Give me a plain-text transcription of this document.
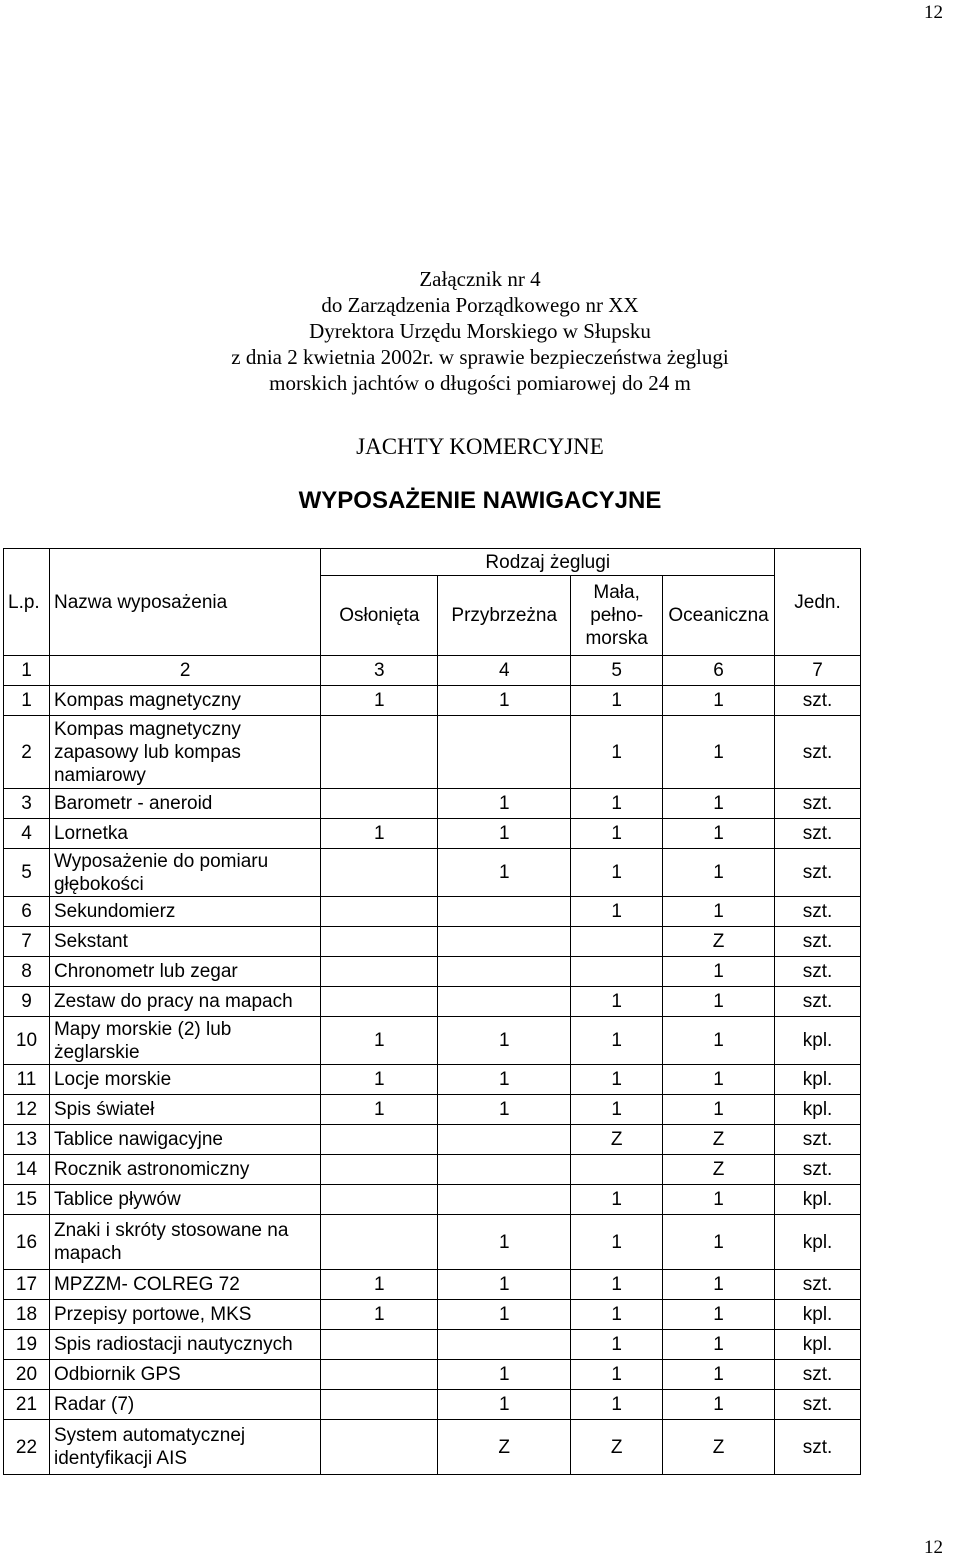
12
Załącznik nr 4
do Zarządzenia Porządkowego nr XX
Dyrektora Urzędu Morskiego w Słupsku
z dnia 2 kwietnia 2002r. w sprawie bezpieczeństwa żeglugi
morskich jachtów o długości pomiarowej do 24 m
JACHTY KOMERCYJNE
WYPOSAŻENIE NAWIGACYJNE
L.p.	Nazwa wyposażenia	Rodzaj żeglugi				Jedn.
		Osłonięta	Przybrzeżna	Mała,
pełno-
morska	Oceaniczna	
1	2	3	4	5	6	7
1	Kompas magnetyczny	1	1	1	1	szt.
2	Kompas magnetyczny zapasowy lub kompas namiarowy			1	1	szt.
3	Barometr - aneroid		1	1	1	szt.
4	Lornetka	1	1	1	1	szt.
5	Wyposażenie do pomiaru głębokości		1	1	1	szt.
6	Sekundomierz			1	1	szt.
7	Sekstant				Z	szt.
8	Chronometr lub zegar				1	szt.
9	Zestaw do pracy na mapach			1	1	szt.
10	Mapy morskie (2) lub żeglarskie	1	1	1	1	kpl.
11	Locje morskie	1	1	1	1	kpl.
12	Spis świateł	1	1	1	1	kpl.
13	Tablice nawigacyjne			Z	Z	szt.
14	Rocznik astronomiczny				Z	szt.
15	Tablice pływów			1	1	kpl.
16	Znaki i skróty stosowane na mapach		1	1	1	kpl.
17	MPZZM- COLREG 72	1	1	1	1	szt.
18	Przepisy portowe, MKS	1	1	1	1	kpl.
19	Spis radiostacji nautycznych			1	1	kpl.
20	Odbiornik GPS		1	1	1	szt.
21	Radar (7)		1	1	1	szt.
22	System automatycznej identyfikacji AIS		Z	Z	Z	szt.
12
